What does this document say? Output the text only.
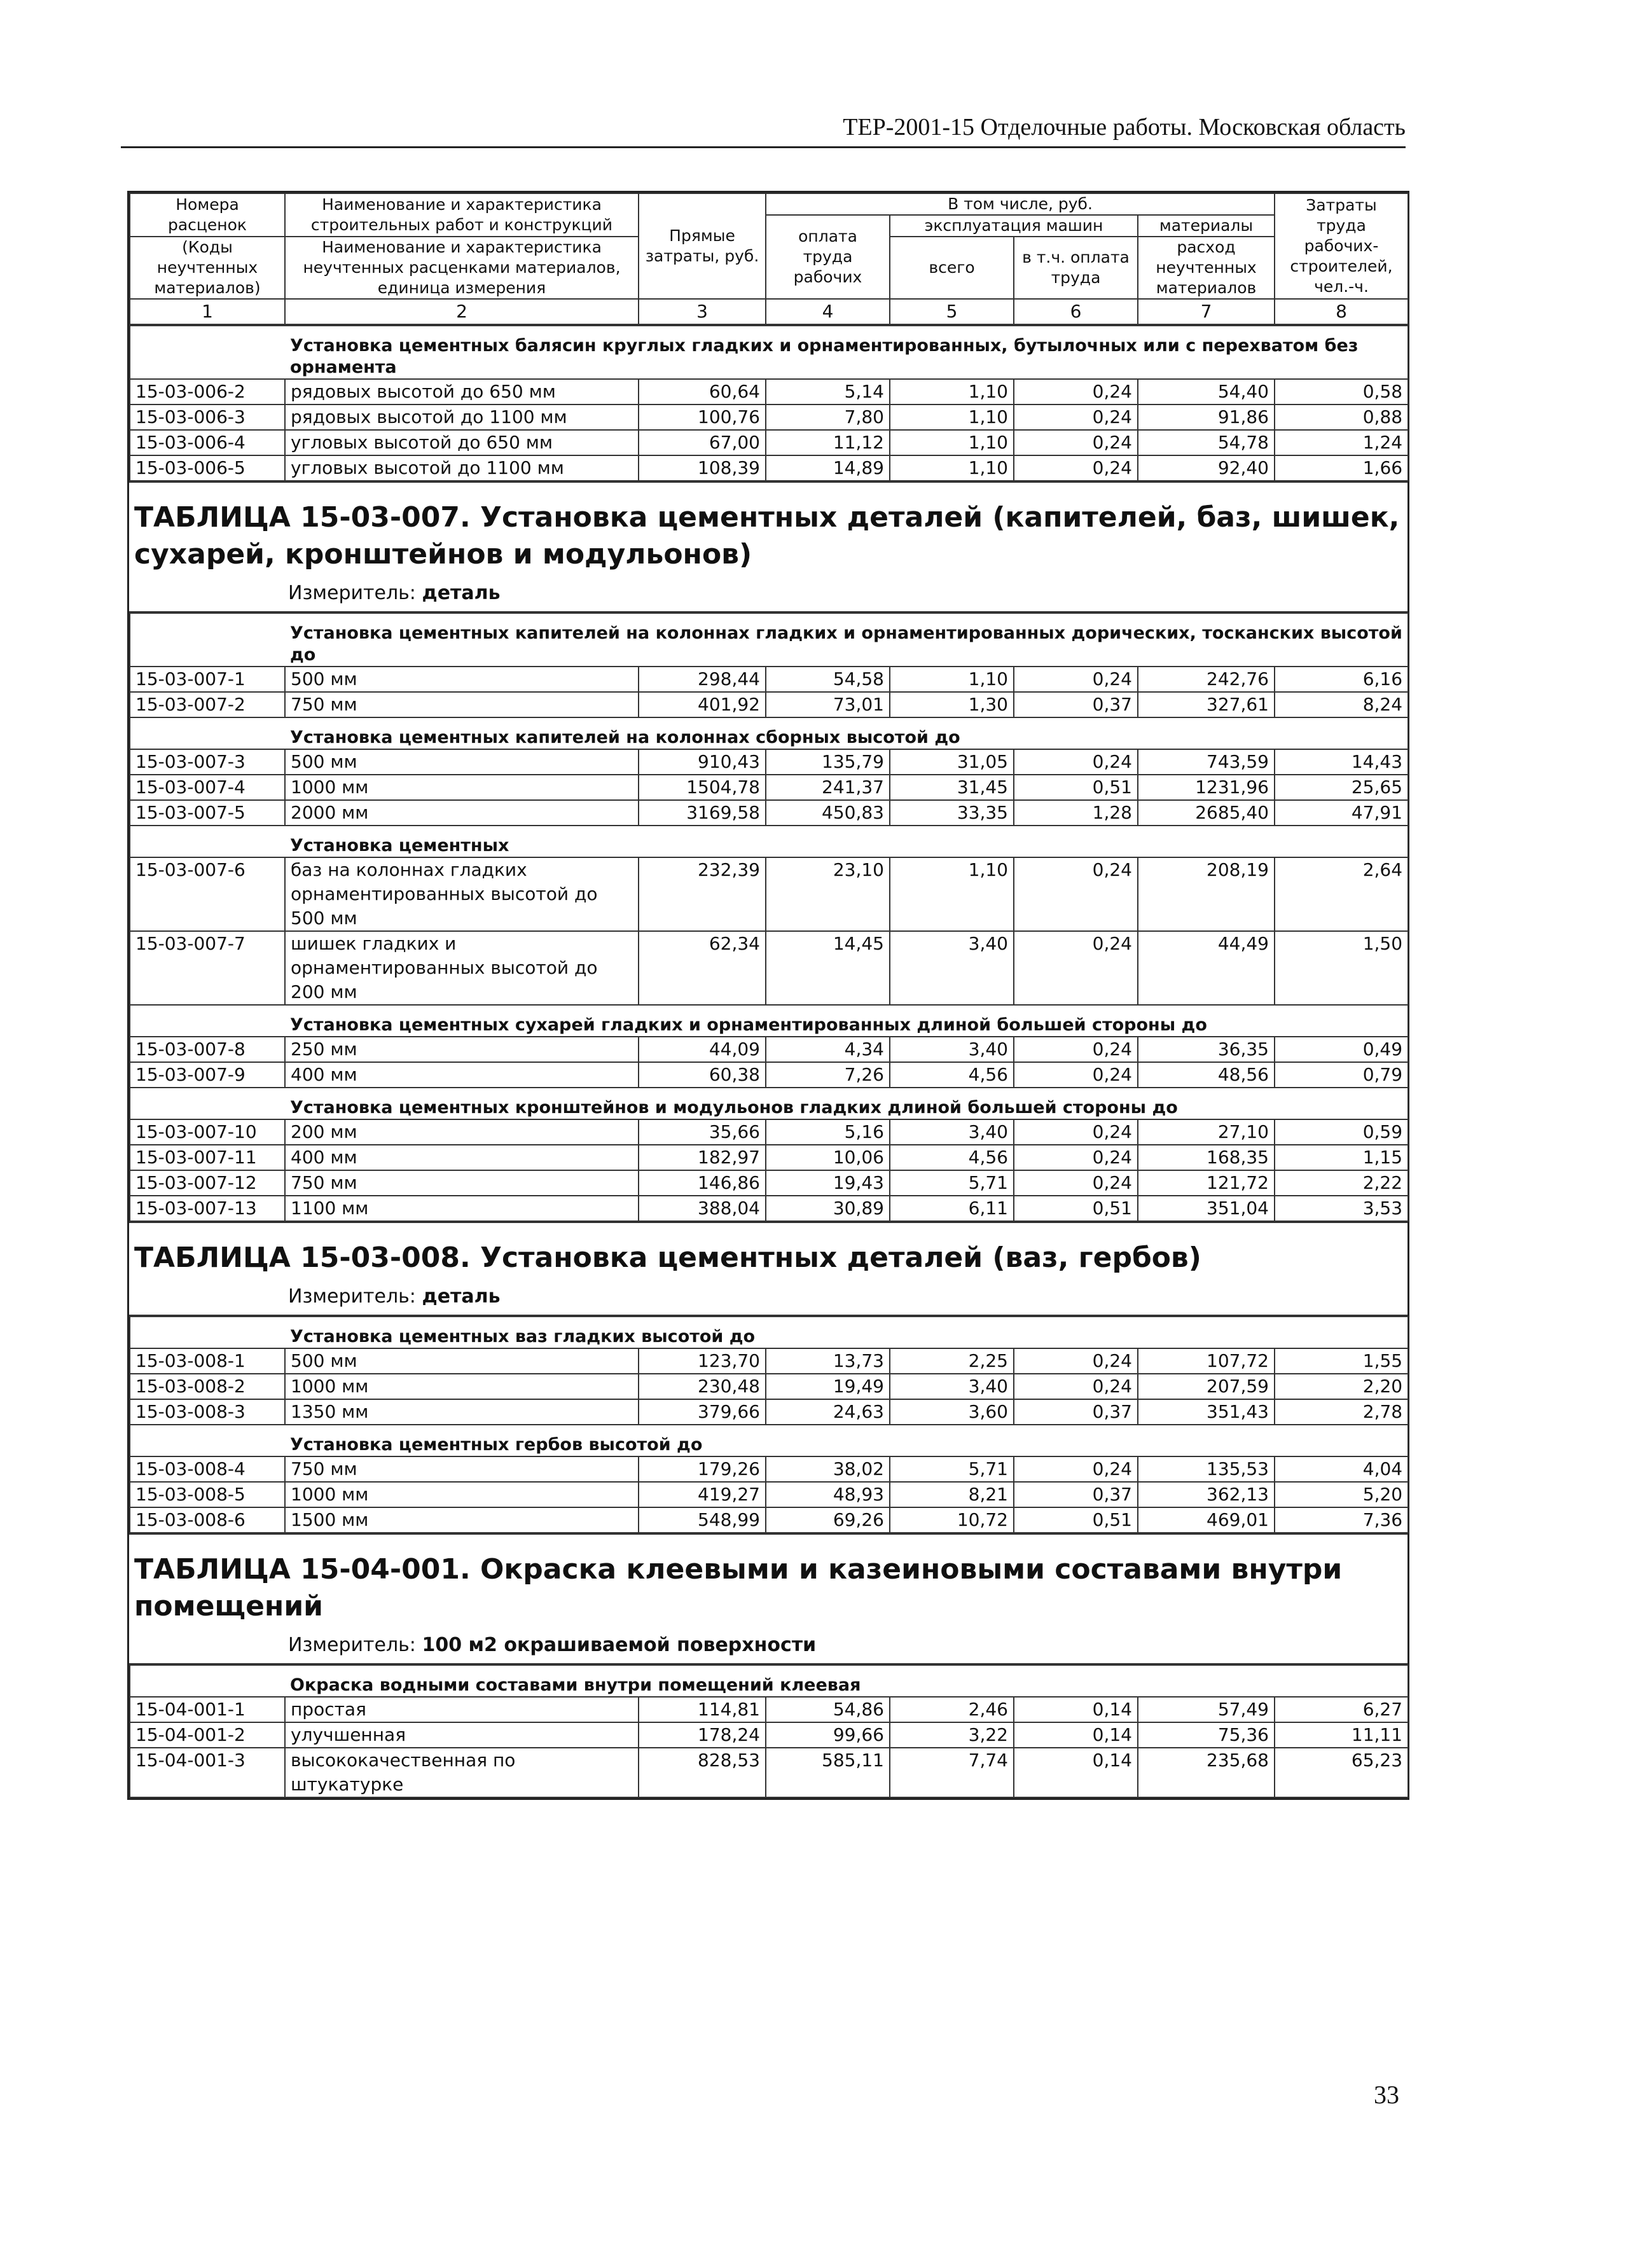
ТЕР-2001-15 Отделочные работы. Московская область
Номера расценок	Наименование и характеристика строительных работ и конструкций	Прямые затраты, руб.	В том числе, руб.				Затраты труда рабочих-строителей, чел.-ч.
			оплата труда рабочих	эксплуатация машин		материалы	
(Коды неучтенных материалов)	Наименование и характеристика неучтенных расценками материалов, единица измерения			всего	в т.ч. оплата труда	расход неучтенных материалов	

1	2	3	4	5	6	7	8
	Установка цементных балясин круглых гладких и орнаментированных, бутылочных или с перехватом без орнамента						
15-03-006-2	рядовых высотой до 650 мм	60,64	5,14	1,10	0,24	54,40	0,58
15-03-006-3	рядовых высотой до 1100 мм	100,76	7,80	1,10	0,24	91,86	0,88
15-03-006-4	угловых высотой до 650 мм	67,00	11,12	1,10	0,24	54,78	1,24
15-03-006-5	угловых высотой до 1100 мм	108,39	14,89	1,10	0,24	92,40	1,66
ТАБЛИЦА 15-03-007. Установка цементных деталей (капителей, баз, шишек, сухарей, кронштейнов и модульонов)
Измеритель: деталь
	Установка цементных капителей на колоннах гладких и орнаментированных дорических, тосканских высотой до						
15-03-007-1	500 мм	298,44	54,58	1,10	0,24	242,76	6,16
15-03-007-2	750 мм	401,92	73,01	1,30	0,37	327,61	8,24
	Установка цементных капителей на колоннах сборных высотой до						
15-03-007-3	500 мм	910,43	135,79	31,05	0,24	743,59	14,43
15-03-007-4	1000 мм	1504,78	241,37	31,45	0,51	1231,96	25,65
15-03-007-5	2000 мм	3169,58	450,83	33,35	1,28	2685,40	47,91
	Установка цементных						
15-03-007-6	баз на колоннах гладких орнаментированных высотой до 500 мм	232,39	23,10	1,10	0,24	208,19	2,64
15-03-007-7	шишек гладких и орнаментированных высотой до 200 мм	62,34	14,45	3,40	0,24	44,49	1,50
	Установка цементных сухарей гладких и орнаментированных длиной большей стороны до						
15-03-007-8	250 мм	44,09	4,34	3,40	0,24	36,35	0,49
15-03-007-9	400 мм	60,38	7,26	4,56	0,24	48,56	0,79
	Установка цементных кронштейнов и модульонов гладких длиной большей стороны до						
15-03-007-10	200 мм	35,66	5,16	3,40	0,24	27,10	0,59
15-03-007-11	400 мм	182,97	10,06	4,56	0,24	168,35	1,15
15-03-007-12	750 мм	146,86	19,43	5,71	0,24	121,72	2,22
15-03-007-13	1100 мм	388,04	30,89	6,11	0,51	351,04	3,53
ТАБЛИЦА 15-03-008. Установка цементных деталей (ваз, гербов)
Измеритель: деталь
	Установка цементных ваз гладких высотой до						
15-03-008-1	500 мм	123,70	13,73	2,25	0,24	107,72	1,55
15-03-008-2	1000 мм	230,48	19,49	3,40	0,24	207,59	2,20
15-03-008-3	1350 мм	379,66	24,63	3,60	0,37	351,43	2,78
	Установка цементных гербов высотой до						
15-03-008-4	750 мм	179,26	38,02	5,71	0,24	135,53	4,04
15-03-008-5	1000 мм	419,27	48,93	8,21	0,37	362,13	5,20
15-03-008-6	1500 мм	548,99	69,26	10,72	0,51	469,01	7,36
ТАБЛИЦА 15-04-001. Окраска клеевыми и казеиновыми составами внутри помещений
Измеритель: 100 м2 окрашиваемой поверхности
	Окраска водными составами внутри помещений клеевая						
15-04-001-1	простая	114,81	54,86	2,46	0,14	57,49	6,27
15-04-001-2	улучшенная	178,24	99,66	3,22	0,14	75,36	11,11
15-04-001-3	высококачественная по штукатурке	828,53	585,11	7,74	0,14	235,68	65,23
33
